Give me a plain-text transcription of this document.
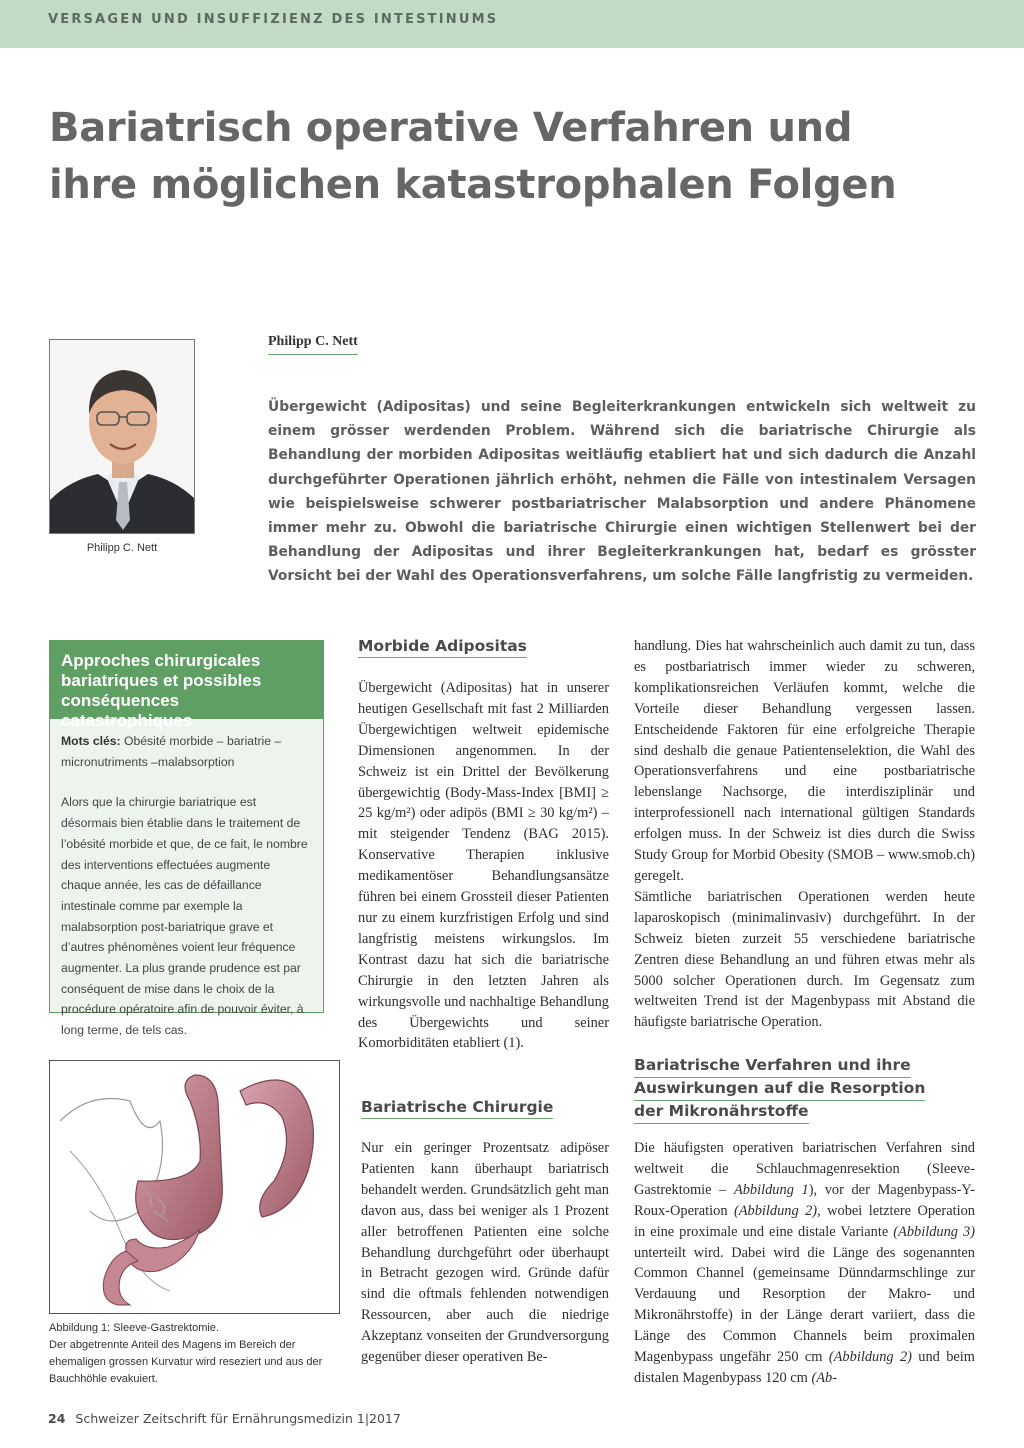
VERSAGEN UND INSUFFIZIENZ DES INTESTINUMS
Bariatrisch operative Verfahren und
ihre möglichen katastrophalen Folgen
Philipp C. Nett
Philipp C. Nett

Übergewicht (Adipositas) und seine Begleiterkrankungen entwickeln sich weltweit zu einem grösser werdenden Problem. Während sich die bariatrische Chirurgie als Behandlung der morbiden Adipositas weitläufig etabliert hat und sich dadurch die Anzahl durchgeführter Operationen jährlich erhöht, nehmen die Fälle von intestinalem Versagen wie beispielsweise schwerer postbariatrischer Malabsorption und andere Phänomene immer mehr zu. Obwohl die bariatrische Chirurgie einen wichtigen Stellenwert bei der Behandlung der Adipositas und ihrer Begleiterkrankungen hat, bedarf es grösster Vorsicht bei der Wahl des Operationsverfahrens, um solche Fälle langfristig zu vermeiden.

Approches chirurgicales bariatriques et possibles conséquences catastrophiques

Mots clés: Obésité morbide – bariatrie – micronutriments –malabsorption

Alors que la chirurgie bariatrique est désormais bien établie dans le traitement de l’obésité morbide et que, de ce fait, le nombre des interventions effectuées augmente chaque année, les cas de défaillance intestinale comme par exemple la malabsorption post-bariatrique grave et d’autres phénomènes voient leur fréquence augmenter. La plus grande prudence est par conséquent de mise dans le choix de la procédure opératoire afin de pouvoir éviter, à long terme, de tels cas.

Abbildung 1: Sleeve-Gastrektomie.
Der abgetrennte Anteil des Magens im Bereich der ehemaligen grossen Kurvatur wird reseziert und aus der Bauchhöhle evakuiert.
Morbide Adipositas

Übergewicht (Adipositas) hat in unserer heutigen Gesellschaft mit fast 2 Milliarden Übergewichtigen weltweit epidemische Dimensionen angenommen. In der Schweiz ist ein Drittel der Bevölkerung übergewichtig (Body-Mass-Index [BMI] ≥ 25 kg/m²) oder adipös (BMI ≥ 30 kg/m²) – mit steigender Tendenz (BAG 2015). Konservative Therapien inklusive medikamentöser Behandlungsansätze führen bei einem Grossteil dieser Patienten nur zu einem kurzfristigen Erfolg und sind langfristig meistens wirkungslos. Im Kontrast dazu hat sich die bariatrische Chirurgie in den letzten Jahren als wirkungsvolle und nachhaltige Behandlung des Übergewichts und seiner Komorbiditäten etabliert (1).

Bariatrische Chirurgie

Nur ein geringer Prozentsatz adipöser Patienten kann überhaupt bariatrisch behandelt werden. Grundsätzlich geht man davon aus, dass bei weniger als 1 Prozent aller betroffenen Patienten eine solche Behandlung durchgeführt oder überhaupt in Betracht gezogen wird. Gründe dafür sind die oftmals fehlenden notwendigen Ressourcen, aber auch die niedrige Akzeptanz vonseiten der Grundversorgung gegenüber dieser operativen Be-

handlung. Dies hat wahrscheinlich auch damit zu tun, dass es postbariatrisch immer wieder zu schweren, komplikationsreichen Verläufen kommt, welche die Vorteile dieser Behandlung vergessen lassen. Entscheidende Faktoren für eine erfolgreiche Therapie sind deshalb die genaue Patientenselektion, die Wahl des Operationsverfahrens und eine postbariatrische lebenslange Nachsorge, die interdisziplinär und interprofessionell nach international gültigen Standards erfolgen muss. In der Schweiz ist dies durch die Swiss Study Group for Morbid Obesity (SMOB – www.smob.ch) geregelt.

Sämtliche bariatrischen Operationen werden heute laparoskopisch (minimalinvasiv) durchgeführt. In der Schweiz bieten zurzeit 55 verschiedene bariatrische Zentren diese Behandlung an und führen etwas mehr als 5000 solcher Operationen durch. Im Gegensatz zum weltweiten Trend ist der Magenbypass mit Abstand die häufigste bariatrische Operation.

Bariatrische Verfahren und ihre
Auswirkungen auf die Resorption
der Mikronährstoffe

Die häufigsten operativen bariatrischen Verfahren sind weltweit die Schlauchmagenresektion (Sleeve-Gastrektomie – Abbildung 1), vor der Magenbypass-Y-Roux-Operation (Abbildung 2), wobei letztere Operation in eine proximale und eine distale Variante (Abbildung 3) unterteilt wird. Dabei wird die Länge des sogenannten Common Channel (gemeinsame Dünndarmschlinge zur Verdauung und Resorption der Makro- und Mikronährstoffe) in der Länge derart variiert, dass die Länge des Common Channels beim proximalen Magenbypass ungefähr 250 cm (Abbildung 2) und beim distalen Magenbypass 120 cm (Ab-

24 Schweizer Zeitschrift für Ernährungsmedizin 1|2017
